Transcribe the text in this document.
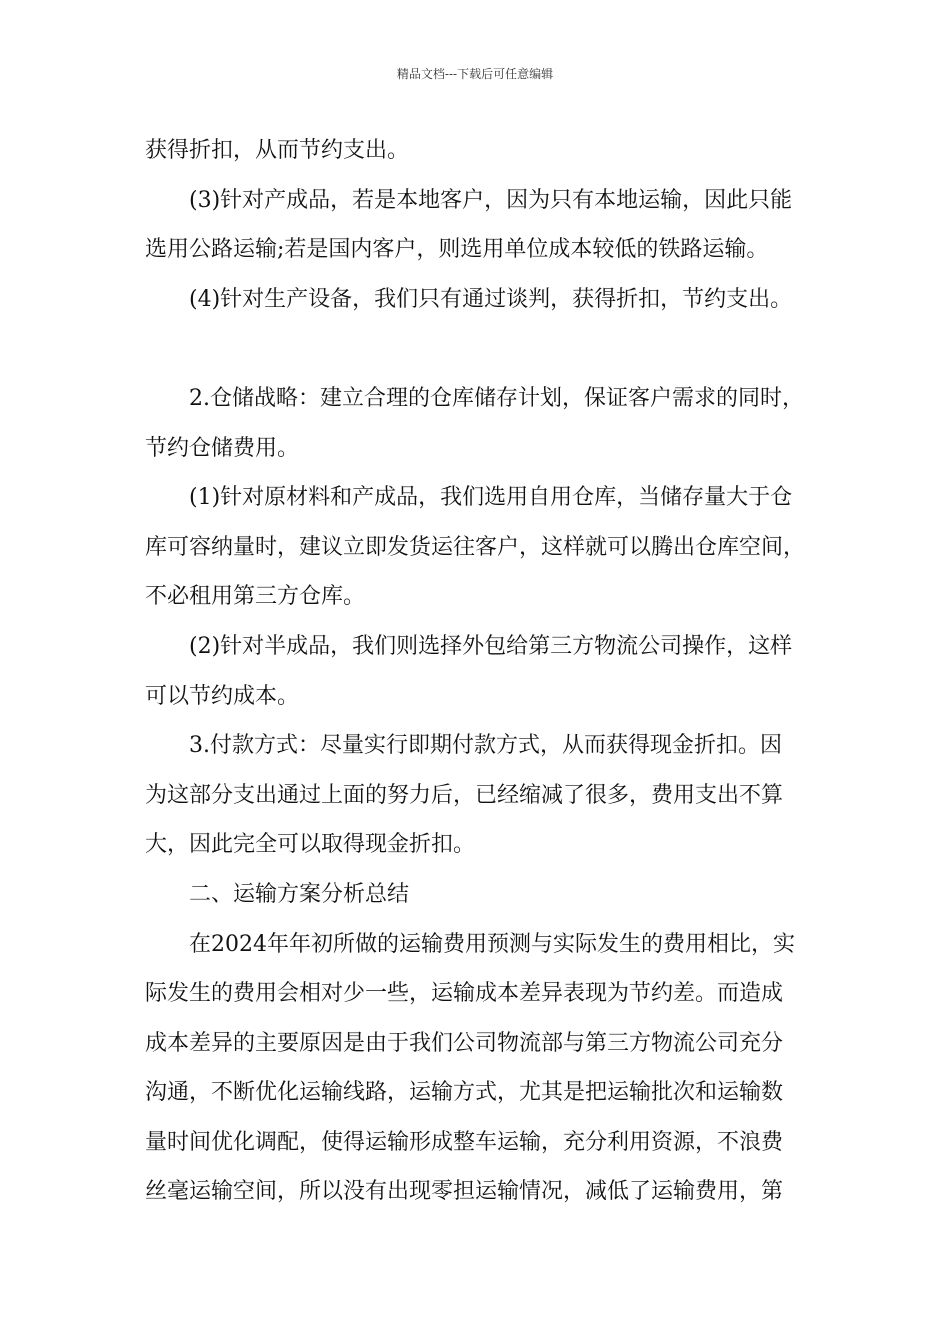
精品文档---下载后可任意编辑
获得折扣，从而节约支出。
(3)针对产成品，若是本地客户，因为只有本地运输，因此只能
选用公路运输;若是国内客户，则选用单位成本较低的铁路运输。
(4)针对生产设备，我们只有通过谈判，获得折扣，节约支出。
2.仓储战略：建立合理的仓库储存计划，保证客户需求的同时，
节约仓储费用。
(1)针对原材料和产成品，我们选用自用仓库，当储存量大于仓
库可容纳量时，建议立即发货运往客户，这样就可以腾出仓库空间，
不必租用第三方仓库。
(2)针对半成品，我们则选择外包给第三方物流公司操作，这样
可以节约成本。
3.付款方式：尽量实行即期付款方式，从而获得现金折扣。因
为这部分支出通过上面的努力后，已经缩减了很多，费用支出不算
大，因此完全可以取得现金折扣。
二、运输方案分析总结
在2024年年初所做的运输费用预测与实际发生的费用相比，实
际发生的费用会相对少一些，运输成本差异表现为节约差。而造成
成本差异的主要原因是由于我们公司物流部与第三方物流公司充分
沟通，不断优化运输线路，运输方式，尤其是把运输批次和运输数
量时间优化调配，使得运输形成整车运输，充分利用资源，不浪费
丝毫运输空间，所以没有出现零担运输情况，减低了运输费用，第
